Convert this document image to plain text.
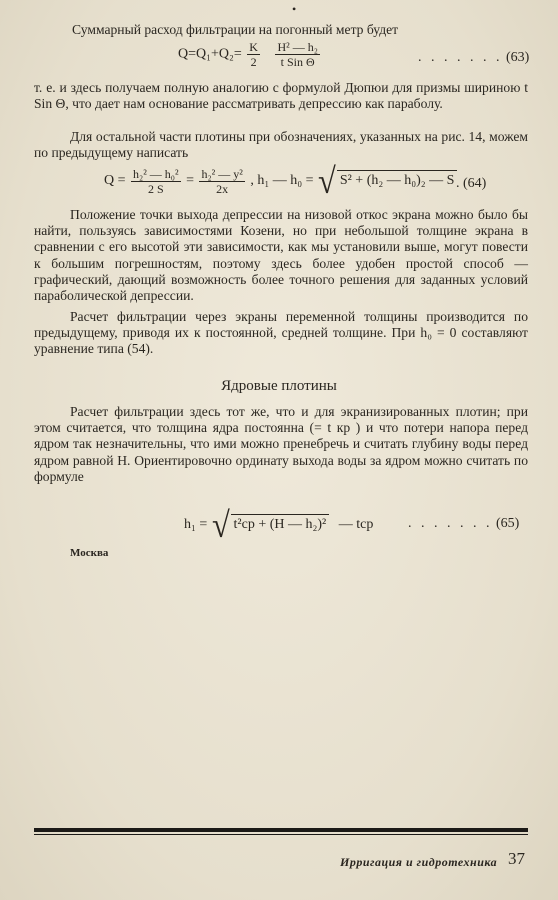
•
Суммарный расход фильтрации на погонный метр будет
$Q=Q_1+Q_2= \frac{K}{2}$
$\frac{\text{H² — h₂}}{\text{t Sin Θ}}$	. . . . . . . (63)
т. е. и здесь получаем полную аналогию с формулой Дюпюи для призмы шириною t Sin Θ, что дает нам основание рассматривать депрессию как параболу.
Для остальной части плотины при обозначениях, указанных на рис. 14, можем по предыдущему написать
$Q = \frac{\text{h₂² — h₀²}}{2 S} = \frac{\text{h₂² — y²}}{2x}$ , h₁ — h₀ = √ S² + (h₂ — h₀)₂ — S . (64)
Положение точки выхода депрессии на низовой откос экрана можно было бы найти, пользуясь зависимостями Козени, но при небольшой толщине экрана в сравнении с его высотой эти зависимости, как мы установили выше, могут повести к большим погрешностям, поэтому здесь более удобен простой способ — графический, дающий возможность более точного решения для заданных условий параболической депрессии.
Расчет фильтрации через экраны переменной толщины производится по предыдущему, приводя их к постоянной, средней толщине. При h₀ = 0 составляют уравнение типа (54).
Ядровые плотины
Расчет фильтрации здесь тот же, что и для экранизированных плотин; при этом считается, что толщина ядра постоянна (= t кр ) и что потери напора перед ядром так незначительны, что ими можно пренебречь и считать глубину воды перед ядром равной H. Ориентировочно ординату выхода воды за ядром можно считать по формуле
h₁ = √ t²ср + (H — h₂)² — tср . . . . . . . (65)
Москва
Ирригация и гидротехника 37
